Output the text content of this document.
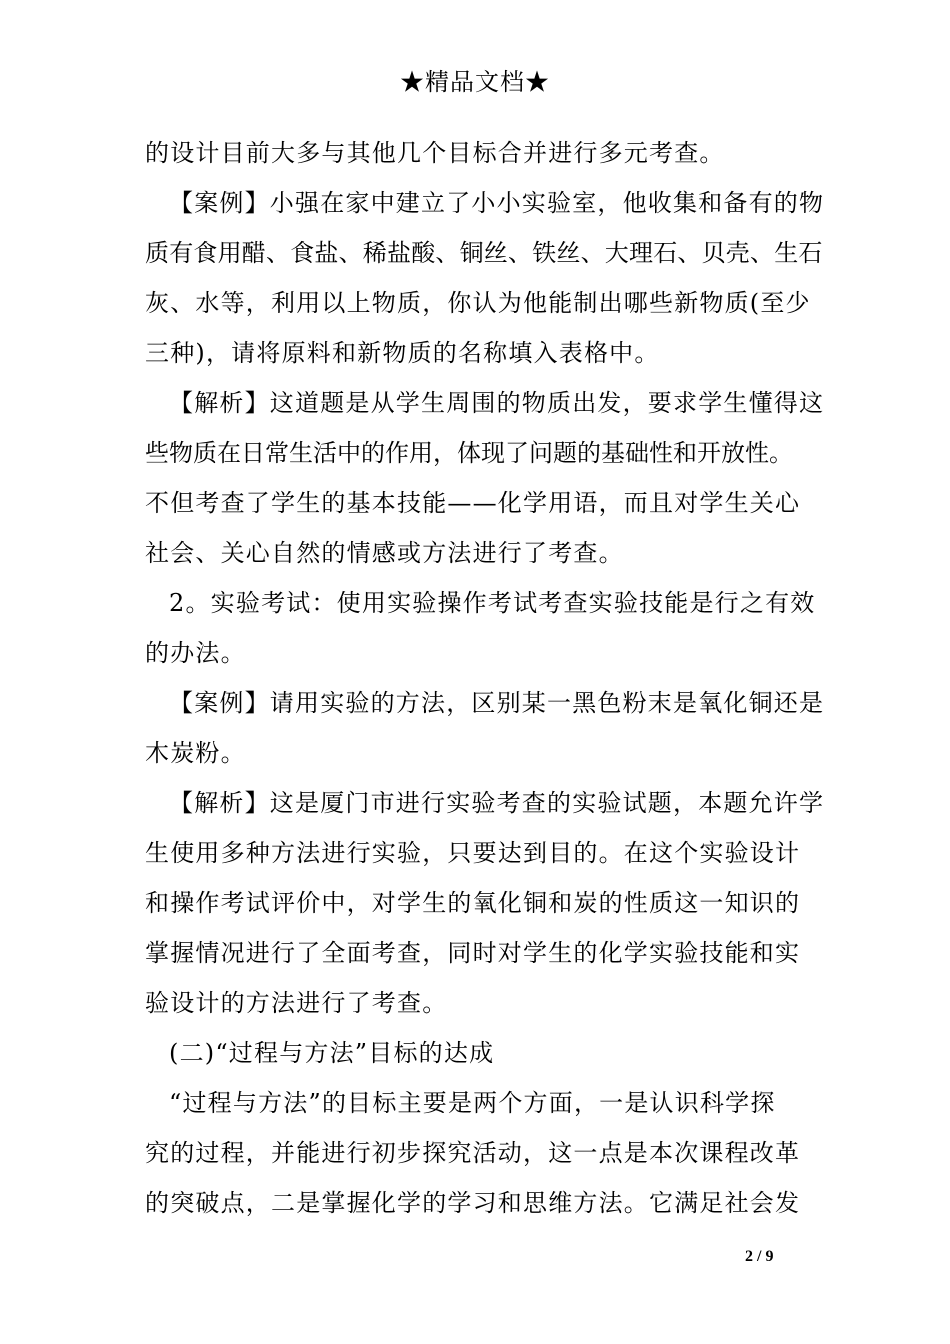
★精品文档★
的设计目前大多与其他几个目标合并进行多元考查。
【案例】小强在家中建立了小小实验室，他收集和备有的物
质有食用醋、食盐、稀盐酸、铜丝、铁丝、大理石、贝壳、生石
灰、水等，利用以上物质，你认为他能制出哪些新物质(至少
三种)，请将原料和新物质的名称填入表格中。
【解析】这道题是从学生周围的物质出发，要求学生懂得这
些物质在日常生活中的作用，体现了问题的基础性和开放性。
不但考查了学生的基本技能——化学用语，而且对学生关心
社会、关心自然的情感或方法进行了考查。
2。实验考试：使用实验操作考试考查实验技能是行之有效
的办法。
【案例】请用实验的方法，区别某一黑色粉末是氧化铜还是
木炭粉。
【解析】这是厦门市进行实验考查的实验试题，本题允许学
生使用多种方法进行实验，只要达到目的。在这个实验设计
和操作考试评价中，对学生的氧化铜和炭的性质这一知识的
掌握情况进行了全面考查，同时对学生的化学实验技能和实
验设计的方法进行了考查。
(二)“过程与方法”目标的达成
“过程与方法”的目标主要是两个方面，一是认识科学探
究的过程，并能进行初步探究活动，这一点是本次课程改革
的突破点，二是掌握化学的学习和思维方法。它满足社会发
2 / 9
